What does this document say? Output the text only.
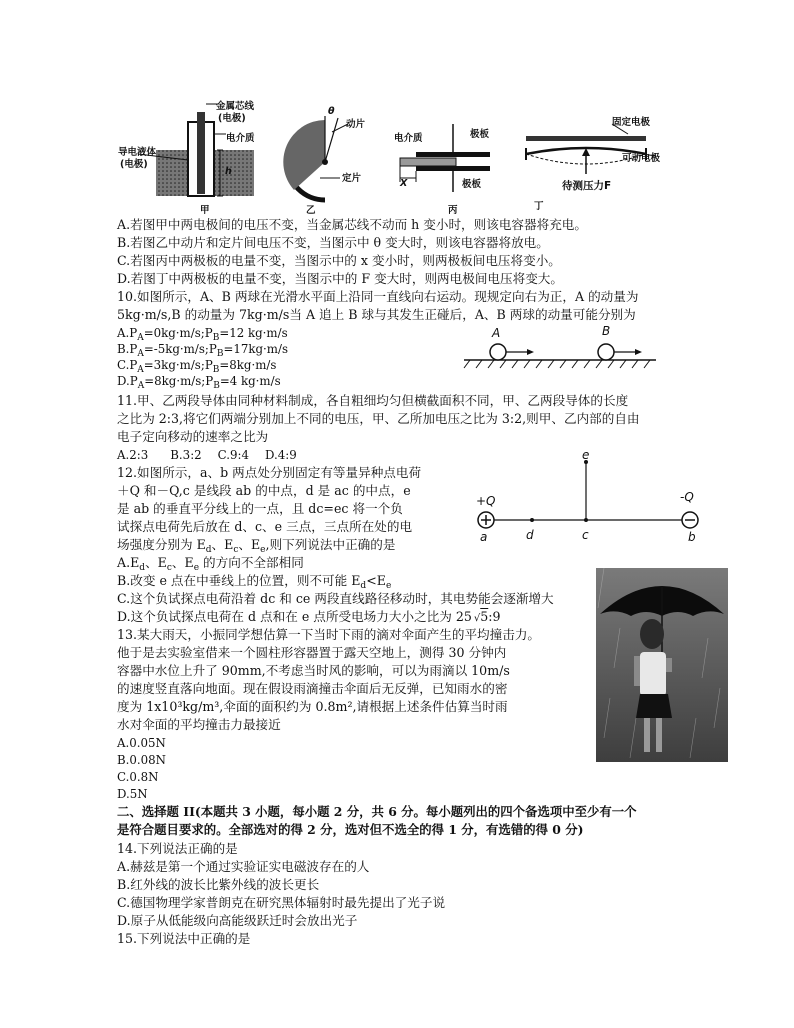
金属芯线
(电极)
电介质
导电液体
(电极)
h
甲
θ
动片
定片
乙
电介质	极板
极板
X
丙
固定电极
可动电极
待测压力F
丁
A.若图甲中两电极间的电压不变，当金属芯线不动而 h 变小时，则该电容器将充电。
B.若图乙中动片和定片间电压不变，当图示中 θ 变大时，则该电容器将放电。
C.若图丙中两极板的电量不变，当图示中的 x 变小时，则两极板间电压将变小。
D.若图丁中两极板的电量不变，当图示中的 F 变大时，则两电极间电压将变大。
10.如图所示，A、B 两球在光滑水平面上沿同一直线向右运动。现规定向右为正，A 的动量为
5kg·m/s,B 的动量为 7kg·m/s当 A 追上 B 球与其发生正碰后，A、B 两球的动量可能分别为
$A.P_A=0kg\cdot m/s;P_B=12$ kg·m/s
$B.P_A=-5kg\cdot m/s;P_B=17kg\cdot m/s$
$C.P_A=3kg\cdot m/s;P_B=8kg\cdot m/s$
$D.P_A=8kg\cdot m/s;P_B=4$ kg·m/s
A	B
11.甲、乙两段导体由同种材料制成，各自粗细均匀但横截面积不同，甲、乙两段导体的长度
之比为 2:3,将它们两端分别加上不同的电压，甲、乙所加电压之比为 3:2,则甲、乙内部的自由
电子定向移动的速率之比为
A.2:3 B.3:2 C.9:4 D.4:9
12.如图所示，a、b 两点处分别固定有等量异种点电荷
＋Q 和－Q,c 是线段 ab 的中点，d 是 ac 的中点，e
是 ab 的垂直平分线上的一点，且 dc=ec 将一个负
试探点电荷先后放在 d、c、e 三点，三点所在处的电
场强度分别为 $E_d$、$E_c$、$E_e$,则下列说法中正确的是
$A.E_d$、$E_c$、$E_e$ 的方向不全部相同
B.改变 e 点在中垂线上的位置，则不可能 $E_d<E_e$
C.这个负试探点电荷沿着 dc 和 ce 两段直线路径移动时，其电势能会逐渐增大
D.这个负试探点电荷在 d 点和在 e 点所受电场力大小之比为 25 √5:9
+Q	-Q
a	d	c	b
e
13.某大雨天，小振同学想估算一下当时下雨的滴对伞面产生的平均撞击力。
他于是去实验室借来一个圆柱形容器置于露天空地上，测得 30 分钟内
容器中水位上升了 90mm,不考虑当时风的影响，可以为雨滴以 10m/s
的速度竖直落向地面。现在假设雨滴撞击伞面后无反弹，已知雨水的密
度为 1x10³kg/m³,伞面的面积约为 0.8m²,请根据上述条件估算当时雨
水对伞面的平均撞击力最接近
A.0.05N
B.0.08N
C.0.8N
D.5N
二、选择题 II(本题共 3 小题，每小题 2 分，共 6 分。每小题列出的四个备选项中至少有一个
是符合题目要求的。全部选对的得 2 分，选对但不选全的得 1 分，有选错的得 0 分)
14.下列说法正确的是
A.赫兹是第一个通过实验证实电磁波存在的人
B.红外线的波长比紫外线的波长更长
C.德国物理学家普朗克在研究黑体辐射时最先提出了光子说
D.原子从低能级向高能级跃迁时会放出光子
15.下列说法中正确的是
